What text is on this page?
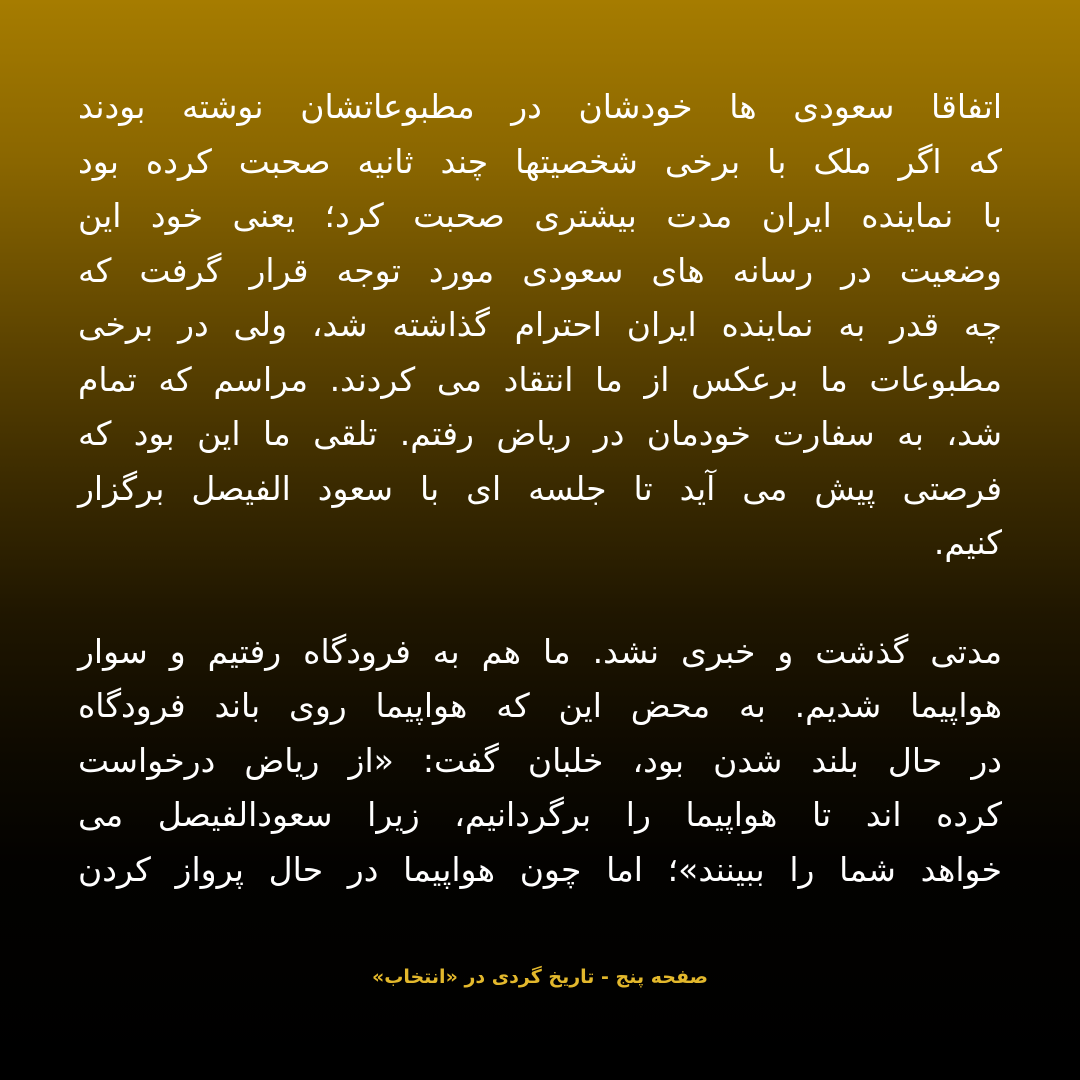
اتفاقا سعودی ها خودشان در مطبوعاتشان نوشته بودند
که اگر ملک با برخی شخصیتها چند ثانیه صحبت کرده بود
با نماینده ایران مدت بیشتری صحبت کرد؛ یعنی خود این
وضعیت در رسانه های سعودی مورد توجه قرار گرفت که
چه قدر به نماینده ایران احترام گذاشته شد، ولی در برخی
مطبوعات ما برعکس از ما انتقاد می کردند. مراسم که تمام
شد، به سفارت خودمان در ریاض رفتم. تلقی ما این بود که
فرصتی پیش می آید تا جلسه ای با سعود الفیصل برگزار
کنیم.

مدتی گذشت و خبری نشد. ما هم به فرودگاه رفتیم و سوار
هواپیما شدیم. به محض این که هواپیما روی باند فرودگاه
در حال بلند شدن بود، خلبان گفت: «از ریاض درخواست
کرده اند تا هواپیما را برگردانیم، زیرا سعودالفیصل می
خواهد شما را ببینند»؛ اما چون هواپیما در حال پرواز کردن

صفحه پنج - تاریخ گردی در «انتخاب»
